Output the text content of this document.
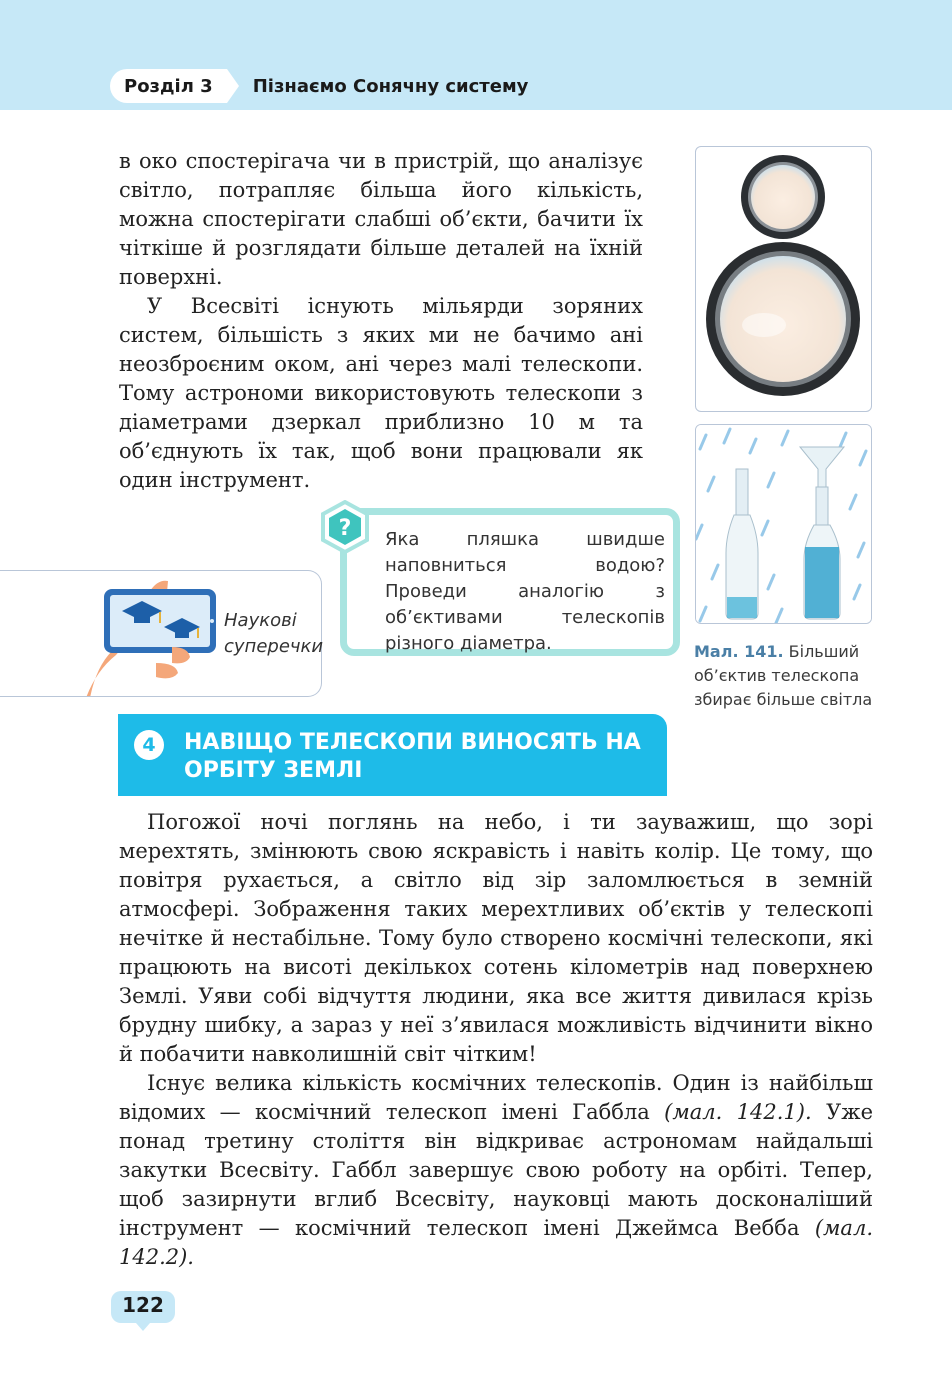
Розділ 3	Пізнаємо Сонячну систему

в око спостерігача чи в пристрій, що аналізує світло, потрапляє більша його кількість, можна спостерігати слабші об’єкти, бачити їх чіткіше й розглядати більше деталей на їхній поверхні.

У Всесвіті існують мільярди зоряних систем, більшість з яких ми не бачимо ані неозброєним оком, ані через малі телескопи. Тому астрономи використовують телескопи з діаметрами дзеркал приблизно 10 м та об’єднують їх так, щоб вони працювали як один інструмент.

Мал. 141. Більший об’єктив телескопа збирає більше світла
? Яка пляшка швидше наповниться водою? Проведи аналогію з об’єктивами телескопів різного діаметра.
Наукові суперечки
4	НАВІЩО ТЕЛЕСКОПИ ВИНОСЯТЬ НА ОРБІТУ ЗЕМЛІ

Погожої ночі поглянь на небо, і ти зауважиш, що зорі мерехтять, змінюють свою яскравість і навіть колір. Це тому, що повітря рухається, а світло від зір заломлюється в земній атмосфері. Зображення таких мерехтливих об’єктів у телескопі нечітке й нестабільне. Тому було створено космічні телескопи, які працюють на висоті декількох сотень кілометрів над поверхнею Землі. Уяви собі відчуття людини, яка все життя дивилася крізь брудну шибку, а зараз у неї з’явилася можливість відчинити вікно й побачити навколишній світ чітким!

Існує велика кількість космічних телескопів. Один із найбільш відомих — космічний телескоп імені Габбла (мал. 142.1). Уже понад третину століття він відкриває астрономам найдальші закутки Всесвіту. Габбл завершує свою роботу на орбіті. Тепер, щоб зазирнути вглиб Всесвіту, науковці мають досконаліший інструмент — космічний телескоп імені Джеймса Вебба (мал. 142.2).

122
